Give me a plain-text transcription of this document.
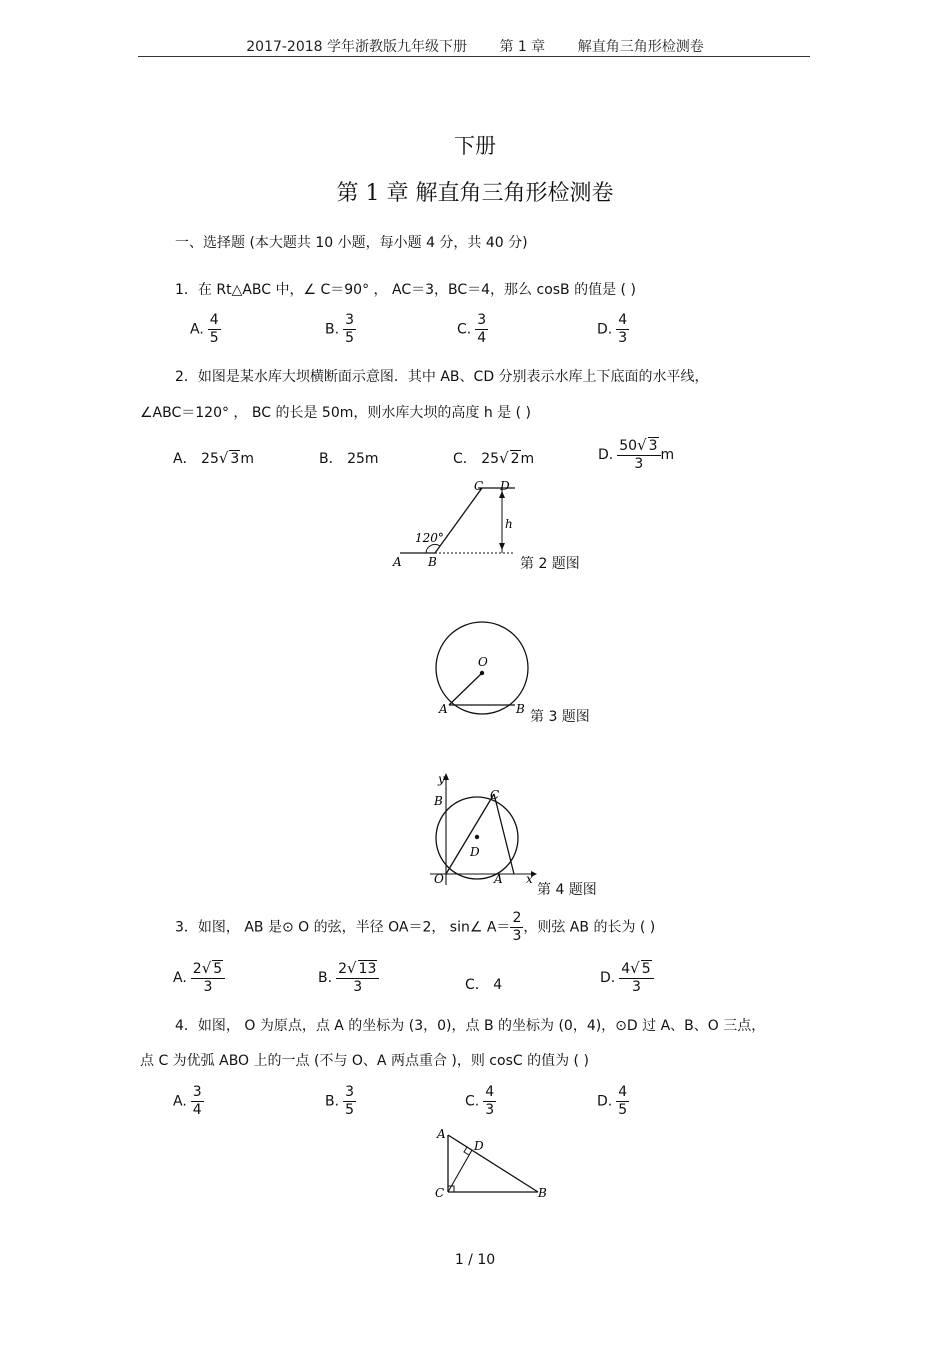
2017-2018 学年浙教版九年级下册 第 1 章 解直角三角形检测卷
下册
第 1 章 解直角三角形检测卷
一、选择题 (本大题共 10 小题，每小题 4 分，共 40 分)
1．在 Rt△ABC 中，∠ C＝90° ， AC＝3，BC＝4，那么 cosB 的值是 ( )
A. $\frac{4}{5}$	B. $\frac{3}{5}$	C. $\frac{3}{4}$	D. $\frac{4}{3}$
2．如图是某水库大坝横断面示意图．其中 AB、CD 分别表示水库上下底面的水平线，
∠ABC＝120° ， BC 的长是 50m，则水库大坝的高度 h 是 ( )
A． 25√ 3m	B． 25m	C． 25√ 2m	D. $\frac{50√ 3}{3}$ m
A B
C D
h
120°
第 2 题图
O
A	B 第 3 题图
y
x
B	C
D
O	A
第 4 题图
3．如图， AB 是⊙ O 的弦，半径 OA＝2， sin∠ $A= \frac{2}{3}$ ，则弦 AB 的长为 ( )
A. $\frac{2√ 5}{3}$	B. $\frac{2√ 13}{3}$	C． 4	D. $\frac{4√ 5}{3}$
4．如图， O 为原点，点 A 的坐标为 (3，0)，点 B 的坐标为 (0，4)，⊙D 过 A、B、O 三点，
点 C 为优弧 ABO 上的一点 (不与 O、A 两点重合 )，则 cosC 的值为 ( )
A. $\frac{3}{4}$	B. $\frac{3}{5}$	C. $\frac{4}{3}$	D. $\frac{4}{5}$
A
D
C	B
1 / 10
